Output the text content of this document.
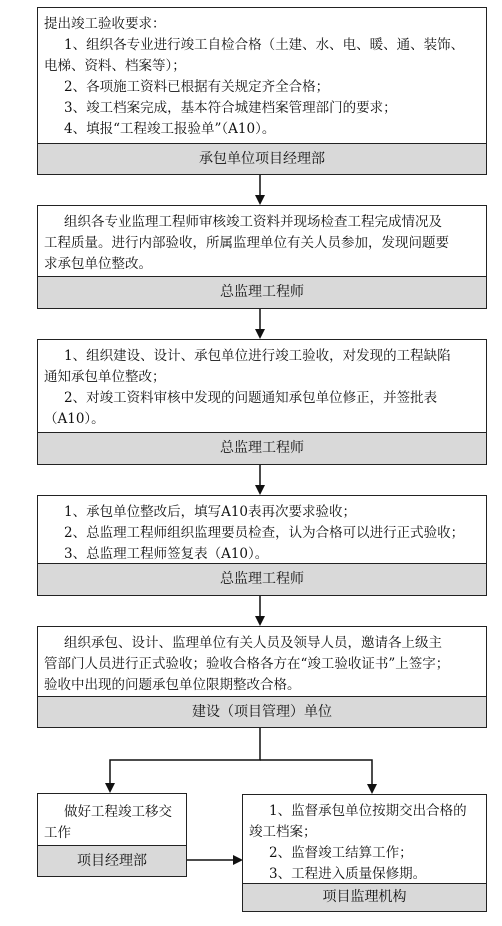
提出竣工验收要求：

1、组织各专业进行竣工自检合格（土建、水、电、暖、通、装饰、

电梯、资料、档案等）；

2、各项施工资料已根据有关规定齐全合格；

3、竣工档案完成，基本符合城建档案管理部门的要求；

4、填报“工程竣工报验单”（A10）。

承包单位项目经理部

组织各专业监理工程师审核竣工资料并现场检查工程完成情况及

工程质量。进行内部验收，所属监理单位有关人员参加，发现问题要

求承包单位整改。

总监理工程师

1、组织建设、设计、承包单位进行竣工验收，对发现的工程缺陷

通知承包单位整改；

2、对竣工资料审核中发现的问题通知承包单位修正，并签批表

（A10）。

总监理工程师

1、承包单位整改后，填写A10表再次要求验收；

2、总监理工程师组织监理要员检查，认为合格可以进行正式验收；

3、总监理工程师签复表（A10）。

总监理工程师

组织承包、设计、监理单位有关人员及领导人员，邀请各上级主

管部门人员进行正式验收；验收合格各方在“竣工验收证书”上签字；

验收中出现的问题承包单位限期整改合格。

建设（项目管理）单位

做好工程竣工移交

工作

项目经理部

1、监督承包单位按期交出合格的

竣工档案；

2、监督竣工结算工作；

3、工程进入质量保修期。

项目监理机构
